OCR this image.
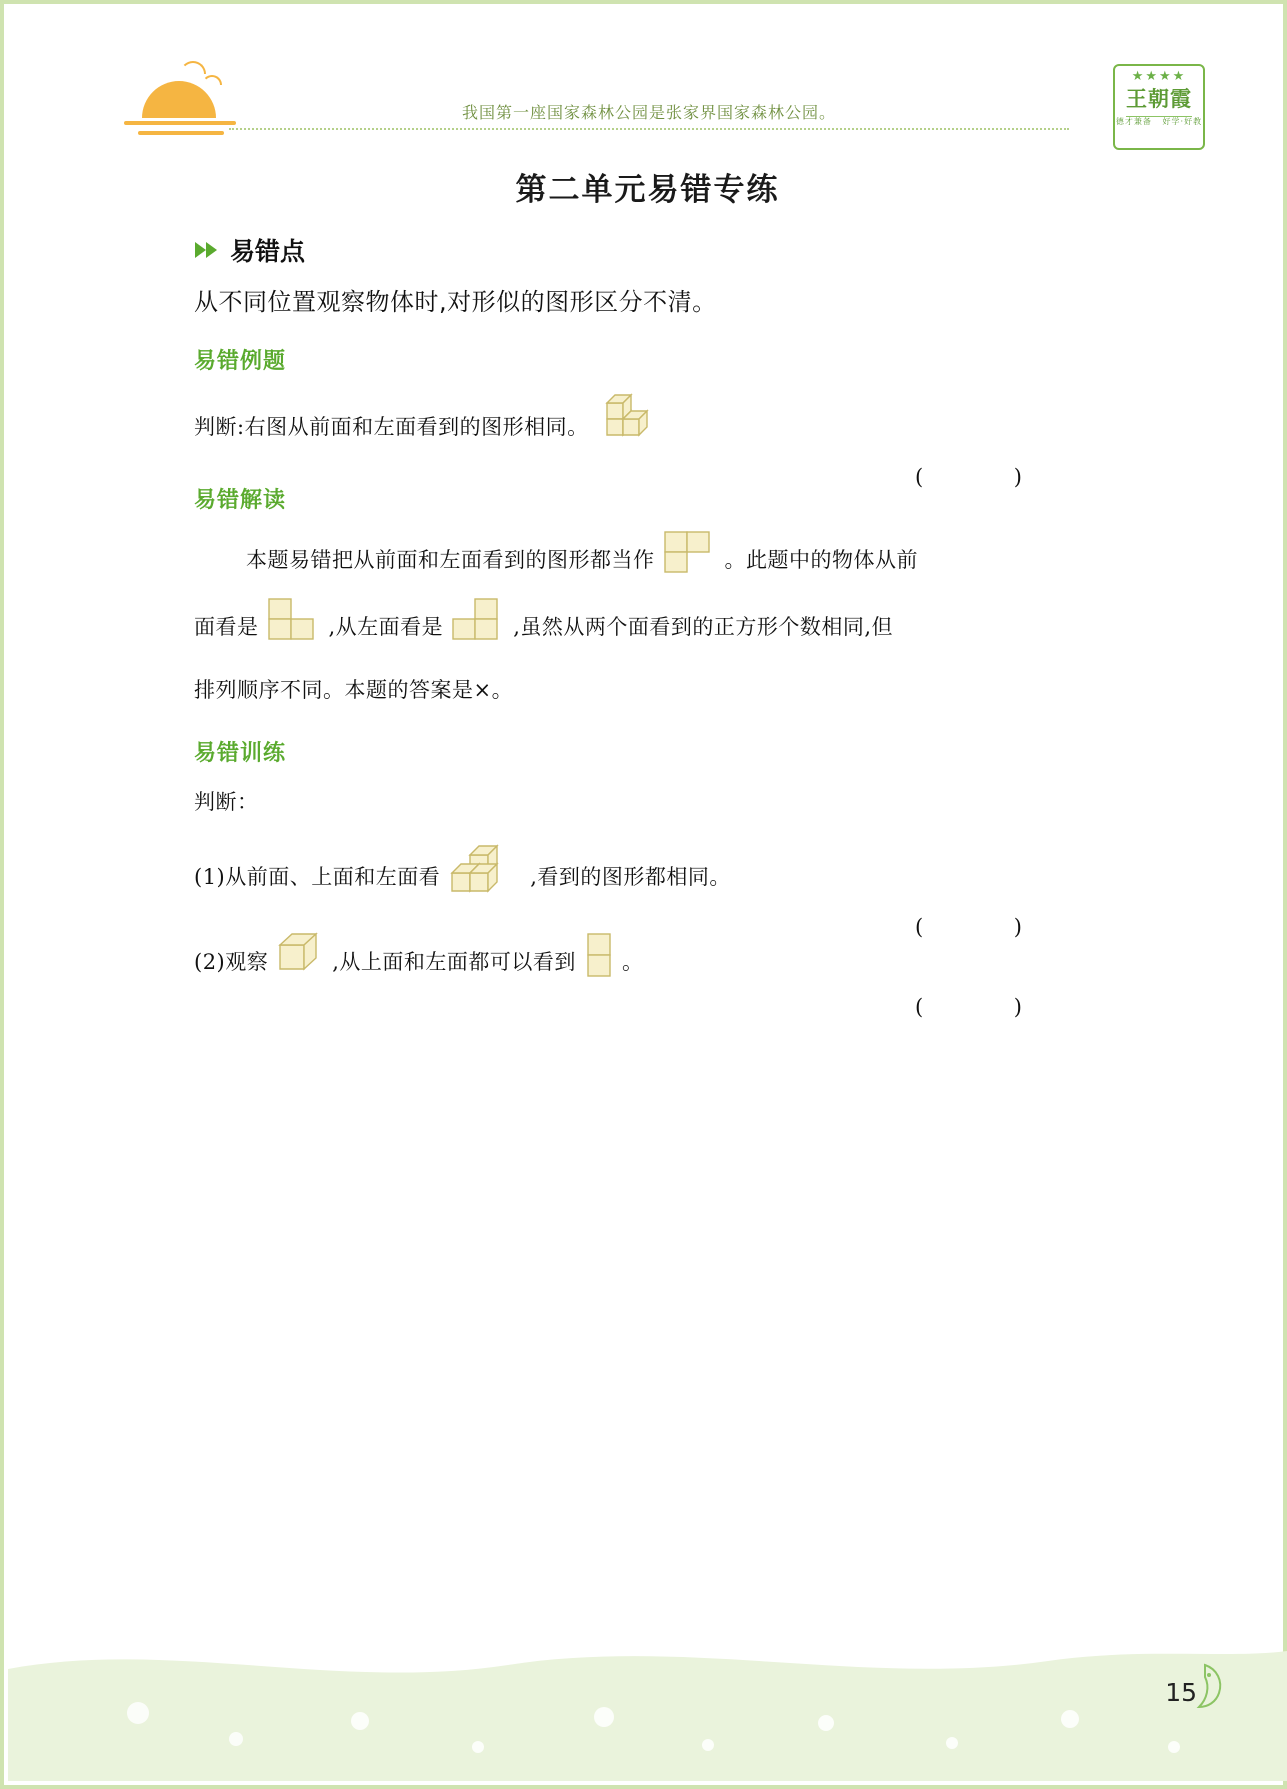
我国第一座国家森林公园是张家界国家森林公园。
★★★★
王朝霞
德才兼备 好学·好教
第二单元易错专练
易错点
从不同位置观察物体时,对形似的图形区分不清。
易错例题
判断:右图从前面和左面看到的图形相同。
( )
易错解读
本题易错把从前面和左面看到的图形都当作	。此题中的物体从前
面看是	,从左面看是	,虽然从两个面看到的正方形个数相同,但
排列顺序不同。本题的答案是×。
易错训练
判断：
(1)从前面、上面和左面看	,看到的图形都相同。
( )
(2)观察	,从上面和左面都可以看到 。
( )
15
